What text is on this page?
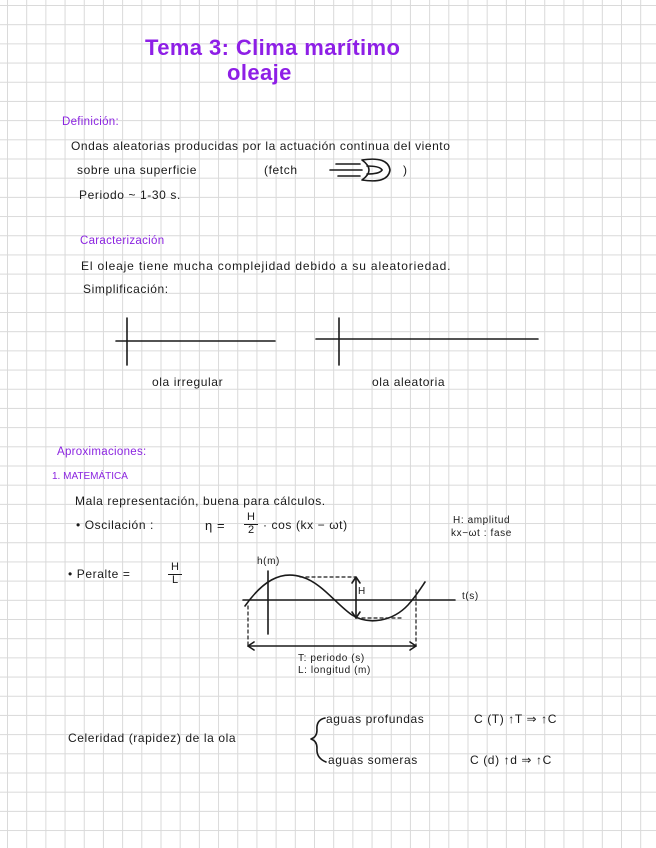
Tema 3: Clima marítimo
oleaje
Definición:
Ondas aleatorias producidas por la actuación continua del viento
sobre una superficie	(fetch	)
Periodo ~ 1-30 s.
Caracterización
El oleaje tiene mucha complejidad debido a su aleatoriedad.
Simplificación:
ola irregular	ola aleatoria
Aproximaciones:
1. MATEMÁTICA
Mala representación, buena para cálculos.
• Oscilación :	$\eta = \frac{H}{2} \cdot \cos (kx - \omega t)$	H: amplitud
kx−ωt : fase
• Peralte =	$\frac{H}{L}$
h(m)
t(s)
H
T: periodo (s)
L: longitud (m)
Celeridad (rapidez) de la ola
aguas profundas	C (T) ↑T ⇒ ↑C
aguas someras	C (d) ↑d ⇒ ↑C
